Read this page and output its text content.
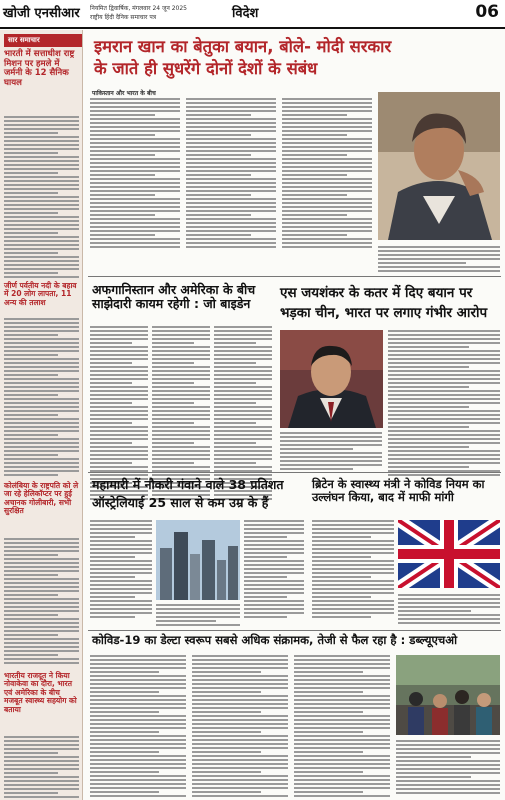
खोजी एनसीआर नियमित द्विवार्षिक, मंगलवार 24 जून 2025
राष्ट्रीय हिंदी दैनिक समाचार पत्र	विदेश	06
सार समाचार
भारती में सत्ताधीश राष्ट्र मिशन पर हमले में जर्मनी के 12 सैनिक घायल
जीर्ण पर्वतीय नदी के बहाव में 20 लोग लापता, 11 अन्य की तलाश
कोलंबिया के राष्ट्रपति को ले जा रहे हेलिकॉप्टर पर हुई अचानक गोलीबारी, सभी सुरक्षित
भारतीय राजदूत ने किया नोवाकेवा का दौरा, भारत एवं अमेरिका के बीच मजबूत स्वास्थ्य सहयोग को बताया
इमरान खान का बेतुका बयान, बोले- मोदी सरकार
के जाते ही सुधरेंगे दोनों देशों के संबंध
पाकिस्तान और भारत के बीच
अफगानिस्तान और अमेरिका के बीच साझेदारी कायम रहेगी : जो बाइडेन
एस जयशंकर के कतर में दिए बयान पर
भड़का चीन, भारत पर लगाए गंभीर आरोप
महामारी में नौकरी गंवाने वाले 38 प्रतिशत
ऑस्ट्रेलियाई 25 साल से कम उम्र के हैं
ब्रिटेन के स्वास्थ्य मंत्री ने कोविड नियम का उल्लंघन किया, बाद में माफी मांगी
कोविड-19 का डेल्टा स्वरूप सबसे अधिक संक्रामक, तेजी से फैल रहा है : डब्ल्यूएचओ
